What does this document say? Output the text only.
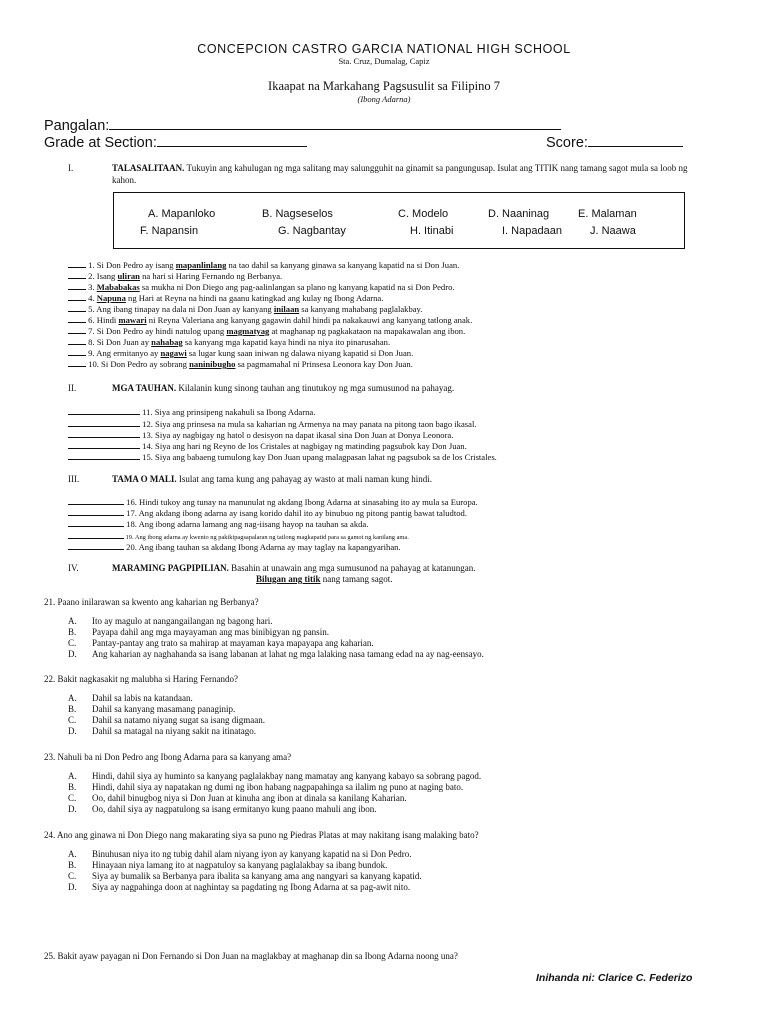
CONCEPCION CASTRO GARCIA NATIONAL HIGH SCHOOL
Sta. Cruz, Dumalag, Capiz
Ikaapat na Markahang Pagsusulit sa Filipino 7
(Ibong Adarna)
Pangalan:
Grade at Section:	Score:
I.	TALASALITAAN. Tukuyin ang kahulugan ng mga salitang may salungguhit na ginamit sa pangungusap. Isulat ang TITIK nang tamang sagot mula sa loob ng kahon.
A. Mapanloko	B. Nagseselos	C. Modelo	D. Naaninag	E. Malaman
F. Napansin	G. Nagbantay	H. Itinabi	I. Napadaan	J. Naawa
1. Si Don Pedro ay isang mapanlinlang na tao dahil sa kanyang ginawa sa kanyang kapatid na si Don Juan.
2. Isang uliran na hari si Haring Fernando ng Berbanya.
3. Mababakas sa mukha ni Don Diego ang pag-aalinlangan sa plano ng kanyang kapatid na si Don Pedro.
4. Napuna ng Hari at Reyna na hindi na gaanu katingkad ang kulay ng Ibong Adarna.
5. Ang ibang tinapay na dala ni Don Juan ay kanyang inilaan sa kanyang mahabang paglalakbay.
6. Hindi mawari ni Reyna Valeriana ang kanyang gagawin dahil hindi pa nakakauwi ang kanyang tatlong anak.
7. Si Don Pedro ay hindi natulog upang magmatyag at maghanap ng pagkakataon na mapakawalan ang ibon.
8. Si Don Juan ay nahabag sa kanyang mga kapatid kaya hindi na niya ito pinarusahan.
9. Ang ermitanyo ay nagawi sa lugar kung saan iniwan ng dalawa niyang kapatid si Don Juan.
10. Si Don Pedro ay sobrang naninibugho sa pagmamahal ni Prinsesa Leonora kay Don Juan.
II.	MGA TAUHAN. Kilalanin kung sinong tauhan ang tinutukoy ng mga sumusunod na pahayag.
11. Siya ang prinsipeng nakahuli sa Ibong Adarna.
12. Siya ang prinsesa na mula sa kaharian ng Armenya na may panata na pitong taon bago ikasal.
13. Siya ay nagbigay ng hatol o desisyon na dapat ikasal sina Don Juan at Donya Leonora.
14. Siya ang hari ng Reyno de los Cristales at nagbigay ng matinding pagsubok kay Don Juan.
15. Siya ang babaeng tumulong kay Don Juan upang malagpasan lahat ng pagsubok sa de los Cristales.
III.	TAMA O MALI. Isulat ang tama kung ang pahayag ay wasto at mali naman kung hindi.
16. Hindi tukoy ang tunay na manunulat ng akdang Ibong Adarna at sinasabing ito ay mula sa Europa.
17. Ang akdang ibong adarna ay isang korido dahil ito ay binubuo ng pitong pantig bawat taludtod.
18. Ang ibong adarna lamang ang nag-iisang hayop na tauhan sa akda.
19. Ang ibong adarna ay kwento ng pakikipagsapalaran ng tatlong magkapatid para sa gamot ng kanilang ama.
20. Ang ibang tauhan sa akdang Ibong Adarna ay may taglay na kapangyarihan.
IV.	MARAMING PAGPIPILIAN. Basahin at unawain ang mga sumusunod na pahayag at katanungan.
Bilugan ang titik nang tamang sagot.
21. Paano inilarawan sa kwento ang kaharian ng Berbanya?
A. Ito ay magulo at nangangailangan ng bagong hari.
B. Payapa dahil ang mga mayayaman ang mas binibigyan ng pansin.
C. Pantay-pantay ang trato sa mahirap at mayaman kaya mapayapa ang kaharian.
D. Ang kaharian ay naghahanda sa isang labanan at lahat ng mga lalaking nasa tamang edad na ay nag-eensayo.
22. Bakit nagkasakit ng malubha si Haring Fernando?
A. Dahil sa labis na katandaan.
B. Dahil sa kanyang masamang panaginip.
C. Dahil sa natamo niyang sugat sa isang digmaan.
D. Dahil sa matagal na niyang sakit na itinatago.
23. Nahuli ba ni Don Pedro ang Ibong Adarna para sa kanyang ama?
A. Hindi, dahil siya ay huminto sa kanyang paglalakbay nang mamatay ang kanyang kabayo sa sobrang pagod.
B. Hindi, dahil siya ay napatakan ng dumi ng ibon habang nagpapahinga sa ilalim ng puno at naging bato.
C. Oo, dahil binugbog niya si Don Juan at kinuha ang ibon at dinala sa kanilang Kaharian.
D. Oo, dahil siya ay nagpatulong sa isang ermitanyo kung paano mahuli ang ibon.
24. Ano ang ginawa ni Don Diego nang makarating siya sa puno ng Piedras Platas at may nakitang isang malaking bato?
A. Binuhusan niya ito ng tubig dahil alam niyang iyon ay kanyang kapatid na si Don Pedro.
B. Hinayaan niya lamang ito at nagpatuloy sa kanyang paglalakbay sa ibang bundok.
C. Siya ay bumalik sa Berbanya para ibalita sa kanyang ama ang nangyari sa kanyang kapatid.
D. Siya ay nagpahinga doon at naghintay sa pagdating ng Ibong Adarna at sa pag-awit nito.
25. Bakit ayaw payagan ni Don Fernando si Don Juan na maglakbay at maghanap din sa Ibong Adarna noong una?
Inihanda ni: Clarice C. Federizo
